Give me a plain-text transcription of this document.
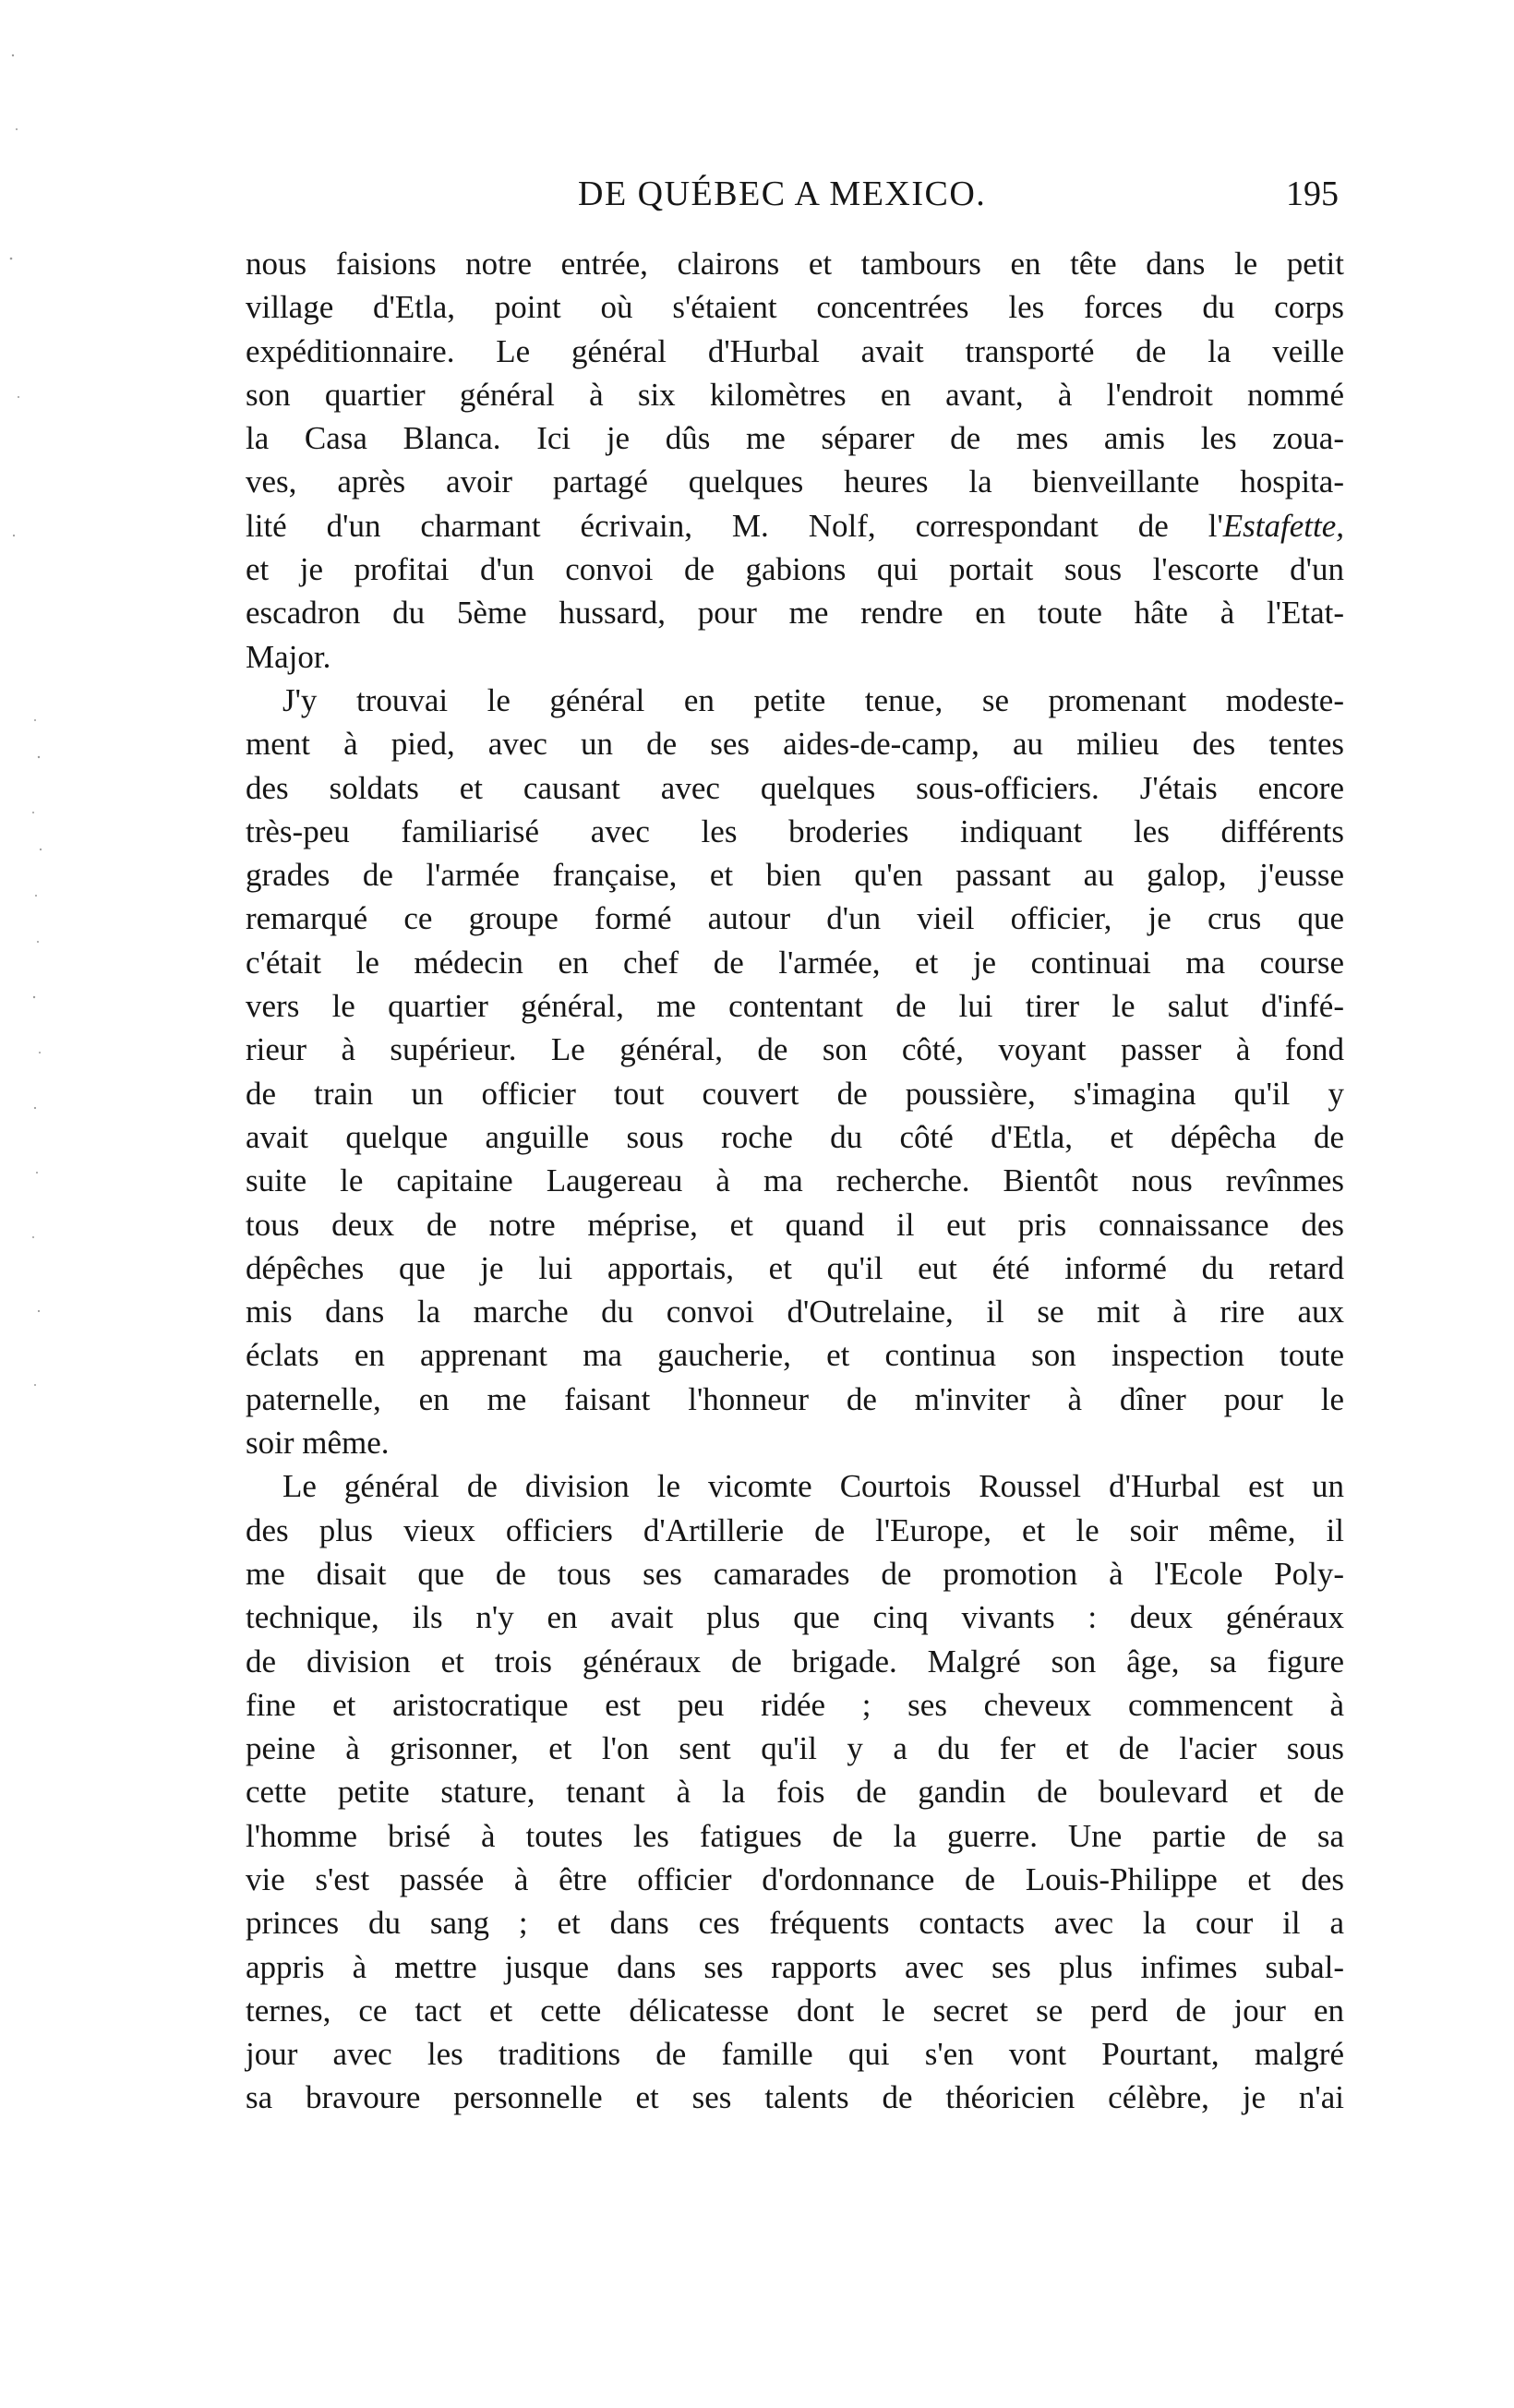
DE QUÉBEC A MEXICO.	195
nous faisions notre entrée, clairons et tambours en tête dans le petit
village d'Etla, point où s'étaient concentrées les forces du corps
expéditionnaire. Le général d'Hurbal avait transporté de la veille
son quartier général à six kilomètres en avant, à l'endroit nommé
la Casa Blanca. Ici je dûs me séparer de mes amis les zoua-
ves, après avoir partagé quelques heures la bienveillante hospita-
lité d'un charmant écrivain, M. Nolf, correspondant de l'Estafette,
et je profitai d'un convoi de gabions qui portait sous l'escorte d'un
escadron du 5ème hussard, pour me rendre en toute hâte à l'Etat-
Major.
J'y trouvai le général en petite tenue, se promenant modeste-
ment à pied, avec un de ses aides-de-camp, au milieu des tentes
des soldats et causant avec quelques sous-officiers. J'étais encore
très-peu familiarisé avec les broderies indiquant les différents
grades de l'armée française, et bien qu'en passant au galop, j'eusse
remarqué ce groupe formé autour d'un vieil officier, je crus que
c'était le médecin en chef de l'armée, et je continuai ma course
vers le quartier général, me contentant de lui tirer le salut d'infé-
rieur à supérieur. Le général, de son côté, voyant passer à fond
de train un officier tout couvert de poussière, s'imagina qu'il y
avait quelque anguille sous roche du côté d'Etla, et dépêcha de
suite le capitaine Laugereau à ma recherche. Bientôt nous revînmes
tous deux de notre méprise, et quand il eut pris connaissance des
dépêches que je lui apportais, et qu'il eut été informé du retard
mis dans la marche du convoi d'Outrelaine, il se mit à rire aux
éclats en apprenant ma gaucherie, et continua son inspection toute
paternelle, en me faisant l'honneur de m'inviter à dîner pour le
soir même.
Le général de division le vicomte Courtois Roussel d'Hurbal est un
des plus vieux officiers d'Artillerie de l'Europe, et le soir même, il
me disait que de tous ses camarades de promotion à l'Ecole Poly-
technique, ils n'y en avait plus que cinq vivants : deux généraux
de division et trois généraux de brigade. Malgré son âge, sa figure
fine et aristocratique est peu ridée ; ses cheveux commencent à
peine à grisonner, et l'on sent qu'il y a du fer et de l'acier sous
cette petite stature, tenant à la fois de gandin de boulevard et de
l'homme brisé à toutes les fatigues de la guerre. Une partie de sa
vie s'est passée à être officier d'ordonnance de Louis-Philippe et des
princes du sang ; et dans ces fréquents contacts avec la cour il a
appris à mettre jusque dans ses rapports avec ses plus infimes subal-
ternes, ce tact et cette délicatesse dont le secret se perd de jour en
jour avec les traditions de famille qui s'en vont Pourtant, malgré
sa bravoure personnelle et ses talents de théoricien célèbre, je n'ai
